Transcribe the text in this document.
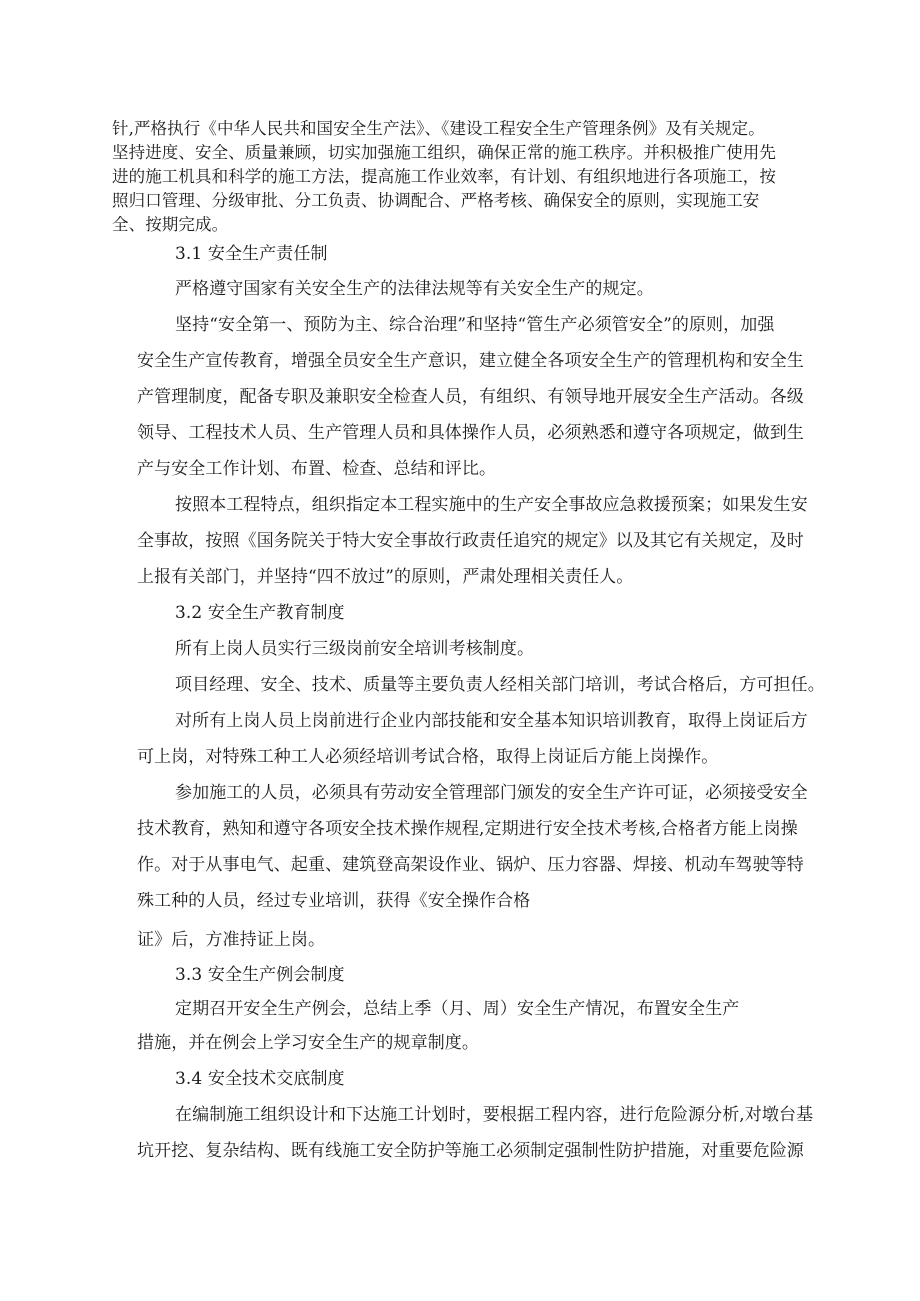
针,严格执行《中华人民共和国安全生产法》、《建设工程安全生产管理条例》及有关规定。
坚持进度、安全、质量兼顾，切实加强施工组织，确保正常的施工秩序。并积极推广使用先
进的施工机具和科学的施工方法，提高施工作业效率，有计划、有组织地进行各项施工，按
照归口管理、分级审批、分工负责、协调配合、严格考核、确保安全的原则，实现施工安
全、按期完成。
3.1 安全生产责任制
严格遵守国家有关安全生产的法律法规等有关安全生产的规定。
坚持“安全第一、预防为主、综合治理”和坚持“管生产必须管安全”的原则，加强
安全生产宣传教育，增强全员安全生产意识，建立健全各项安全生产的管理机构和安全生
产管理制度，配备专职及兼职安全检查人员，有组织、有领导地开展安全生产活动。各级
领导、工程技术人员、生产管理人员和具体操作人员，必须熟悉和遵守各项规定，做到生
产与安全工作计划、布置、检查、总结和评比。
按照本工程特点，组织指定本工程实施中的生产安全事故应急救援预案；如果发生安
全事故，按照《国务院关于特大安全事故行政责任追究的规定》以及其它有关规定，及时
上报有关部门，并坚持“四不放过”的原则，严肃处理相关责任人。
3.2 安全生产教育制度
所有上岗人员实行三级岗前安全培训考核制度。
项目经理、安全、技术、质量等主要负责人经相关部门培训，考试合格后，方可担任。
对所有上岗人员上岗前进行企业内部技能和安全基本知识培训教育，取得上岗证后方
可上岗，对特殊工种工人必须经培训考试合格，取得上岗证后方能上岗操作。
参加施工的人员，必须具有劳动安全管理部门颁发的安全生产许可证，必须接受安全
技术教育，熟知和遵守各项安全技术操作规程,定期进行安全技术考核,合格者方能上岗操
作。对于从事电气、起重、建筑登高架设作业、锅炉、压力容器、焊接、机动车驾驶等特
殊工种的人员，经过专业培训，获得《安全操作合格
证》后，方准持证上岗。
3.3 安全生产例会制度
定期召开安全生产例会，总结上季（月、周）安全生产情况，布置安全生产
措施，并在例会上学习安全生产的规章制度。
3.4 安全技术交底制度
在编制施工组织设计和下达施工计划时，要根据工程内容，进行危险源分析,对墩台基
坑开挖、复杂结构、既有线施工安全防护等施工必须制定强制性防护措施，对重要危险源
